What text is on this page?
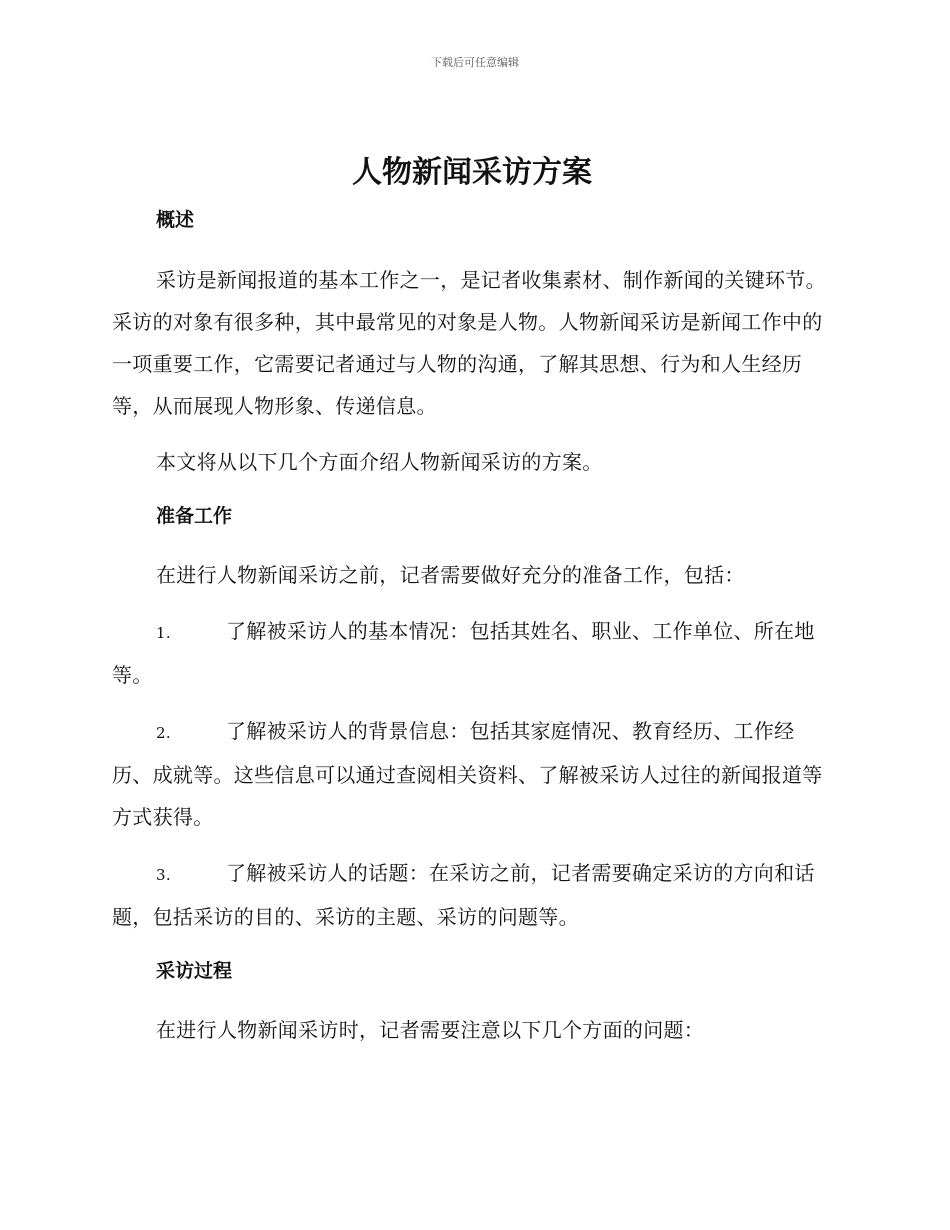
下载后可任意编辑
人物新闻采访方案
概述

采访是新闻报道的基本工作之一，是记者收集素材、制作新闻的关键环节。采访的对象有很多种，其中最常见的对象是人物。人物新闻采访是新闻工作中的一项重要工作，它需要记者通过与人物的沟通，了解其思想、行为和人生经历等，从而展现人物形象、传递信息。

本文将从以下几个方面介绍人物新闻采访的方案。

准备工作

在进行人物新闻采访之前，记者需要做好充分的准备工作，包括：

1.	了解被采访人的基本情况：包括其姓名、职业、工作单位、所在地等。

2.	了解被采访人的背景信息：包括其家庭情况、教育经历、工作经历、成就等。这些信息可以通过查阅相关资料、了解被采访人过往的新闻报道等方式获得。

3.	了解被采访人的话题：在采访之前，记者需要确定采访的方向和话题，包括采访的目的、采访的主题、采访的问题等。

采访过程

在进行人物新闻采访时，记者需要注意以下几个方面的问题：
